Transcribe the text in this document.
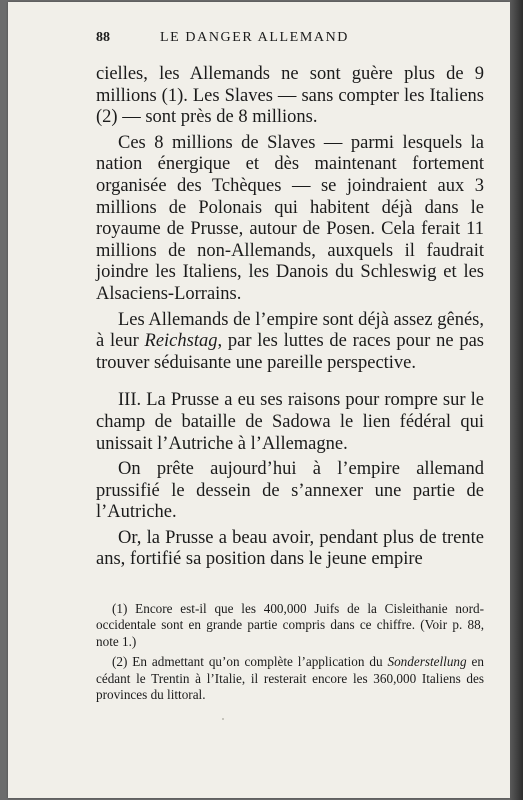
88	LE DANGER ALLEMAND

cielles, les Allemands ne sont guère plus de 9 millions (1). Les Slaves — sans compter les Italiens (2) — sont près de 8 millions.

Ces 8 millions de Slaves — parmi lesquels la nation énergique et dès maintenant fortement organisée des Tchèques — se joindraient aux 3 millions de Polonais qui habitent déjà dans le royaume de Prusse, autour de Posen. Cela ferait 11 millions de non-Allemands, auxquels il faudrait joindre les Italiens, les Danois du Schleswig et les Alsaciens-Lorrains.

Les Allemands de l’empire sont déjà assez gênés, à leur Reichstag, par les luttes de races pour ne pas trouver séduisante une pareille perspective.

III. La Prusse a eu ses raisons pour rompre sur le champ de bataille de Sadowa le lien fédéral qui unissait l’Autriche à l’Allemagne.

On prête aujourd’hui à l’empire allemand prussifié le dessein de s’annexer une partie de l’Autriche.

Or, la Prusse a beau avoir, pendant plus de trente ans, fortifié sa position dans le jeune empire

(1) Encore est-il que les 400,000 Juifs de la Cisleithanie nord-occidentale sont en grande partie compris dans ce chiffre. (Voir p. 88, note 1.)

(2) En admettant qu’on complète l’application du Sonderstellung en cédant le Trentin à l’Italie, il resterait encore les 360,000 Italiens des provinces du littoral.
